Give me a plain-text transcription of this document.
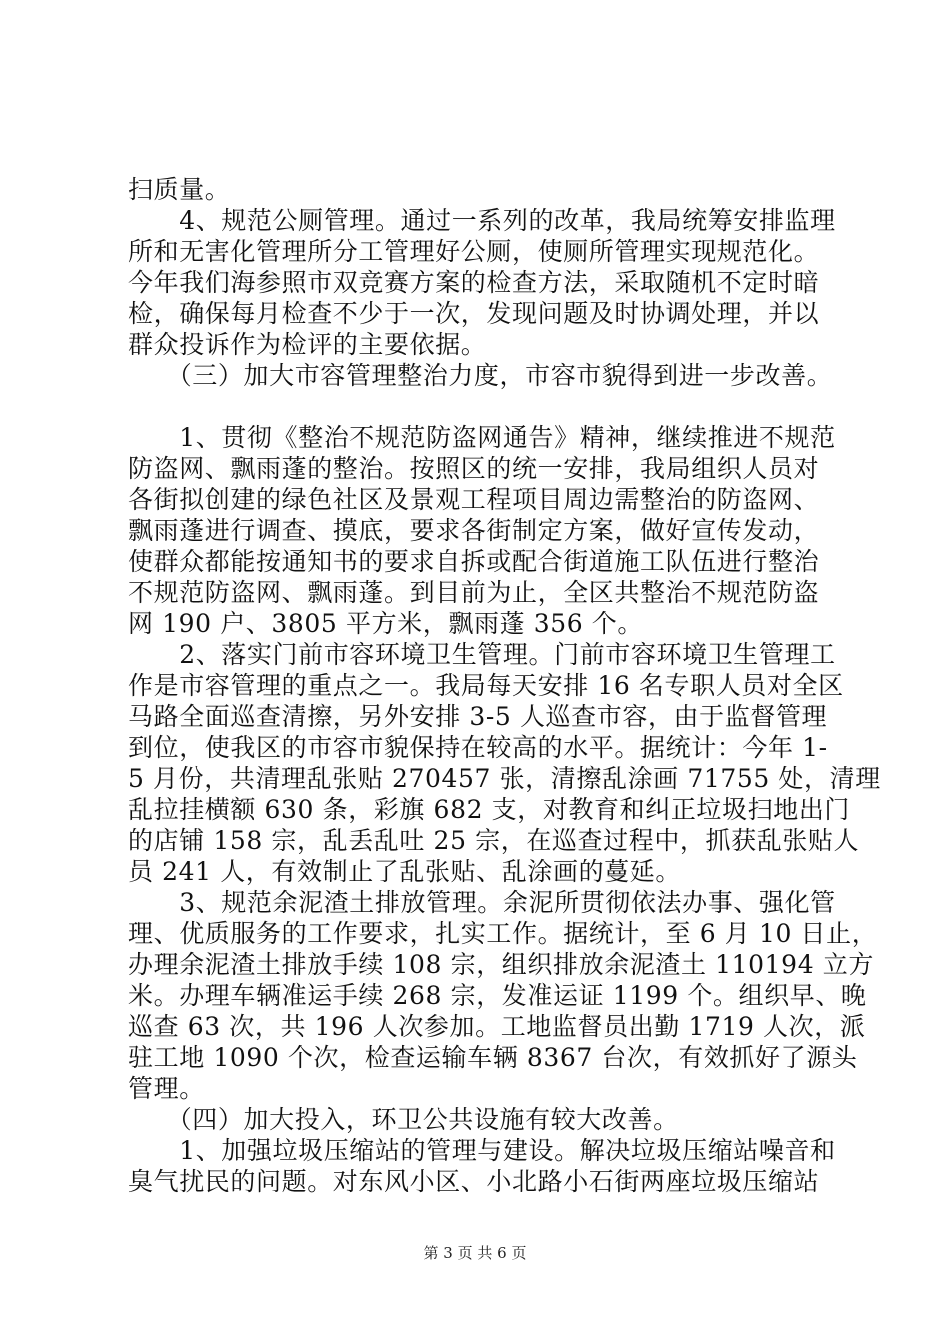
扫质量。
　　4、规范公厕管理。通过一系列的改革，我局统筹安排监理
所和无害化管理所分工管理好公厕，使厕所管理实现规范化。
今年我们海参照市双竞赛方案的检查方法，采取随机不定时暗
检，确保每月检查不少于一次，发现问题及时协调处理，并以
群众投诉作为检评的主要依据。
　　（三）加大市容管理整治力度，市容市貌得到进一步改善。
　　1、贯彻《整治不规范防盗网通告》精神，继续推进不规范
防盗网、飘雨蓬的整治。按照区的统一安排，我局组织人员对
各街拟创建的绿色社区及景观工程项目周边需整治的防盗网、
飘雨蓬进行调查、摸底，要求各街制定方案，做好宣传发动，
使群众都能按通知书的要求自拆或配合街道施工队伍进行整治
不规范防盗网、飘雨蓬。到目前为止，全区共整治不规范防盗
网 190 户、3805 平方米，飘雨蓬 356 个。
　　2、落实门前市容环境卫生管理。门前市容环境卫生管理工
作是市容管理的重点之一。我局每天安排 16 名专职人员对全区
马路全面巡查清擦，另外安排 3-5 人巡查市容，由于监督管理
到位，使我区的市容市貌保持在较高的水平。据统计：今年 1-
5 月份，共清理乱张贴 270457 张，清擦乱涂画 71755 处，清理
乱拉挂横额 630 条，彩旗 682 支，对教育和纠正垃圾扫地出门
的店铺 158 宗，乱丢乱吐 25 宗，在巡查过程中，抓获乱张贴人
员 241 人，有效制止了乱张贴、乱涂画的蔓延。
　　3、规范余泥渣土排放管理。余泥所贯彻依法办事、强化管
理、优质服务的工作要求，扎实工作。据统计，至 6 月 10 日止，
办理余泥渣土排放手续 108 宗，组织排放余泥渣土 110194 立方
米。办理车辆准运手续 268 宗，发准运证 1199 个。组织早、晚
巡查 63 次，共 196 人次参加。工地监督员出勤 1719 人次，派
驻工地 1090 个次，检查运输车辆 8367 台次，有效抓好了源头
管理。
　　（四）加大投入，环卫公共设施有较大改善。
　　1、加强垃圾压缩站的管理与建设。解决垃圾压缩站噪音和
臭气扰民的问题。对东风小区、小北路小石街两座垃圾压缩站
第 3 页 共 6 页
